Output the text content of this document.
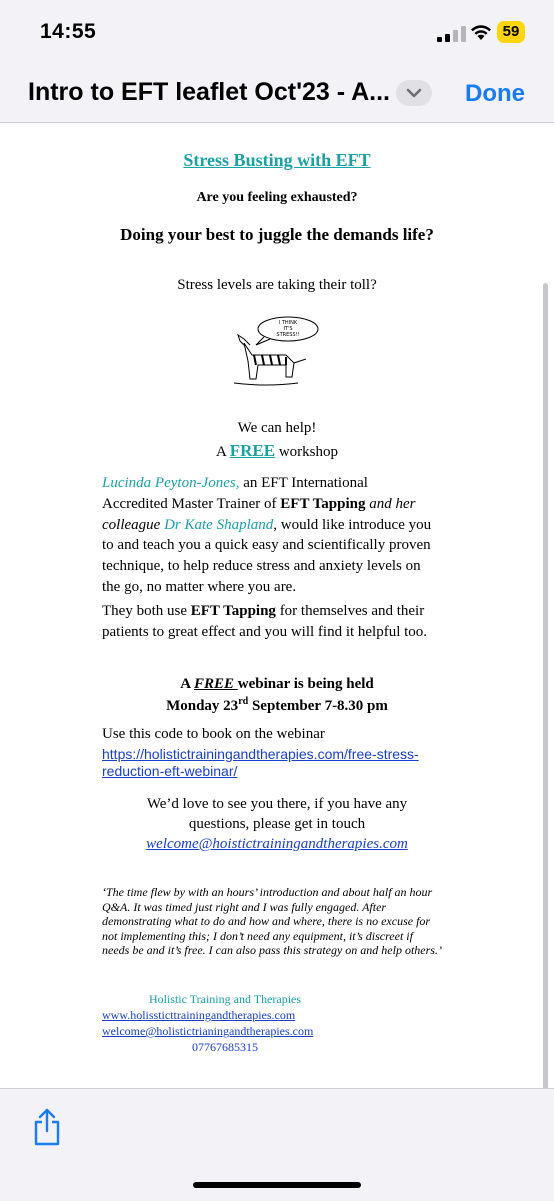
14:55	59
Intro to EFT leaflet Oct'23 - A...	Done
Stress Busting with EFT
Are you feeling exhausted?
Doing your best to juggle the demands life?
Stress levels are taking their toll?
I THINK
IT'S
STRESS!!
We can help!
A FREE workshop
Lucinda Peyton-Jones, an EFT International Accredited Master Trainer of EFT Tapping and her colleague Dr Kate Shapland, would like introduce you to and teach you a quick easy and scientifically proven technique, to help reduce stress and anxiety levels on the go, no matter where you are.
They both use EFT Tapping for themselves and their patients to great effect and you will find it helpful too.
A FREE webinar is being held
Monday 23rd September 7-8.30 pm
Use this code to book on the webinar
https://holistictrainingandtherapies.com/free-stress-reduction-eft-webinar/
We’d love to see you there, if you have any
questions, please get in touch
welcome@hoistictrainingandtherapies.com
‘The time flew by with an hours’ introduction and about half an hour Q&A. It was timed just right and I was fully engaged. After demonstrating what to do and how and where, there is no excuse for not implementing this; I don’t need any equipment, it’s discreet if needs be and it’s free. I can also pass this strategy on and help others.’
Holistic Training and Therapies
www.holissticttrainingandtherapies.com
welcome@holistictrianingandtherapies.com
07767685315
